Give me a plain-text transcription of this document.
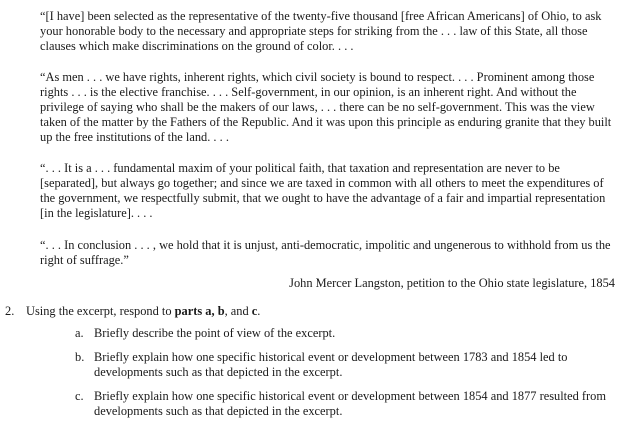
“[I have] been selected as the representative of the twenty-five thousand [free African Americans] of Ohio, to ask your honorable body to the necessary and appropriate steps for striking from the . . . law of this State, all those clauses which make discriminations on the ground of color. . . .

“As men . . . we have rights, inherent rights, which civil society is bound to respect. . . . Prominent among those rights . . . is the elective franchise. . . . Self-government, in our opinion, is an inherent right. And without the privilege of saying who shall be the makers of our laws, . . . there can be no self-government. This was the view taken of the matter by the Fathers of the Republic. And it was upon this principle as enduring granite that they built up the free institutions of the land. . . .

“. . . It is a . . . fundamental maxim of your political faith, that taxation and representation are never to be [separated], but always go together; and since we are taxed in common with all others to meet the expenditures of the government, we respectfully submit, that we ought to have the advantage of a fair and impartial representation [in the legislature]. . . .

“. . . In conclusion . . . , we hold that it is unjust, anti-democratic, impolitic and ungenerous to withhold from us the right of suffrage.”

John Mercer Langston, petition to the Ohio state legislature, 1854
2. Using the excerpt, respond to parts a, b, and c.
a. Briefly describe the point of view of the excerpt.
b. Briefly explain how one specific historical event or development between 1783 and 1854 led to developments such as that depicted in the excerpt.
c. Briefly explain how one specific historical event or development between 1854 and 1877 resulted from developments such as that depicted in the excerpt.
